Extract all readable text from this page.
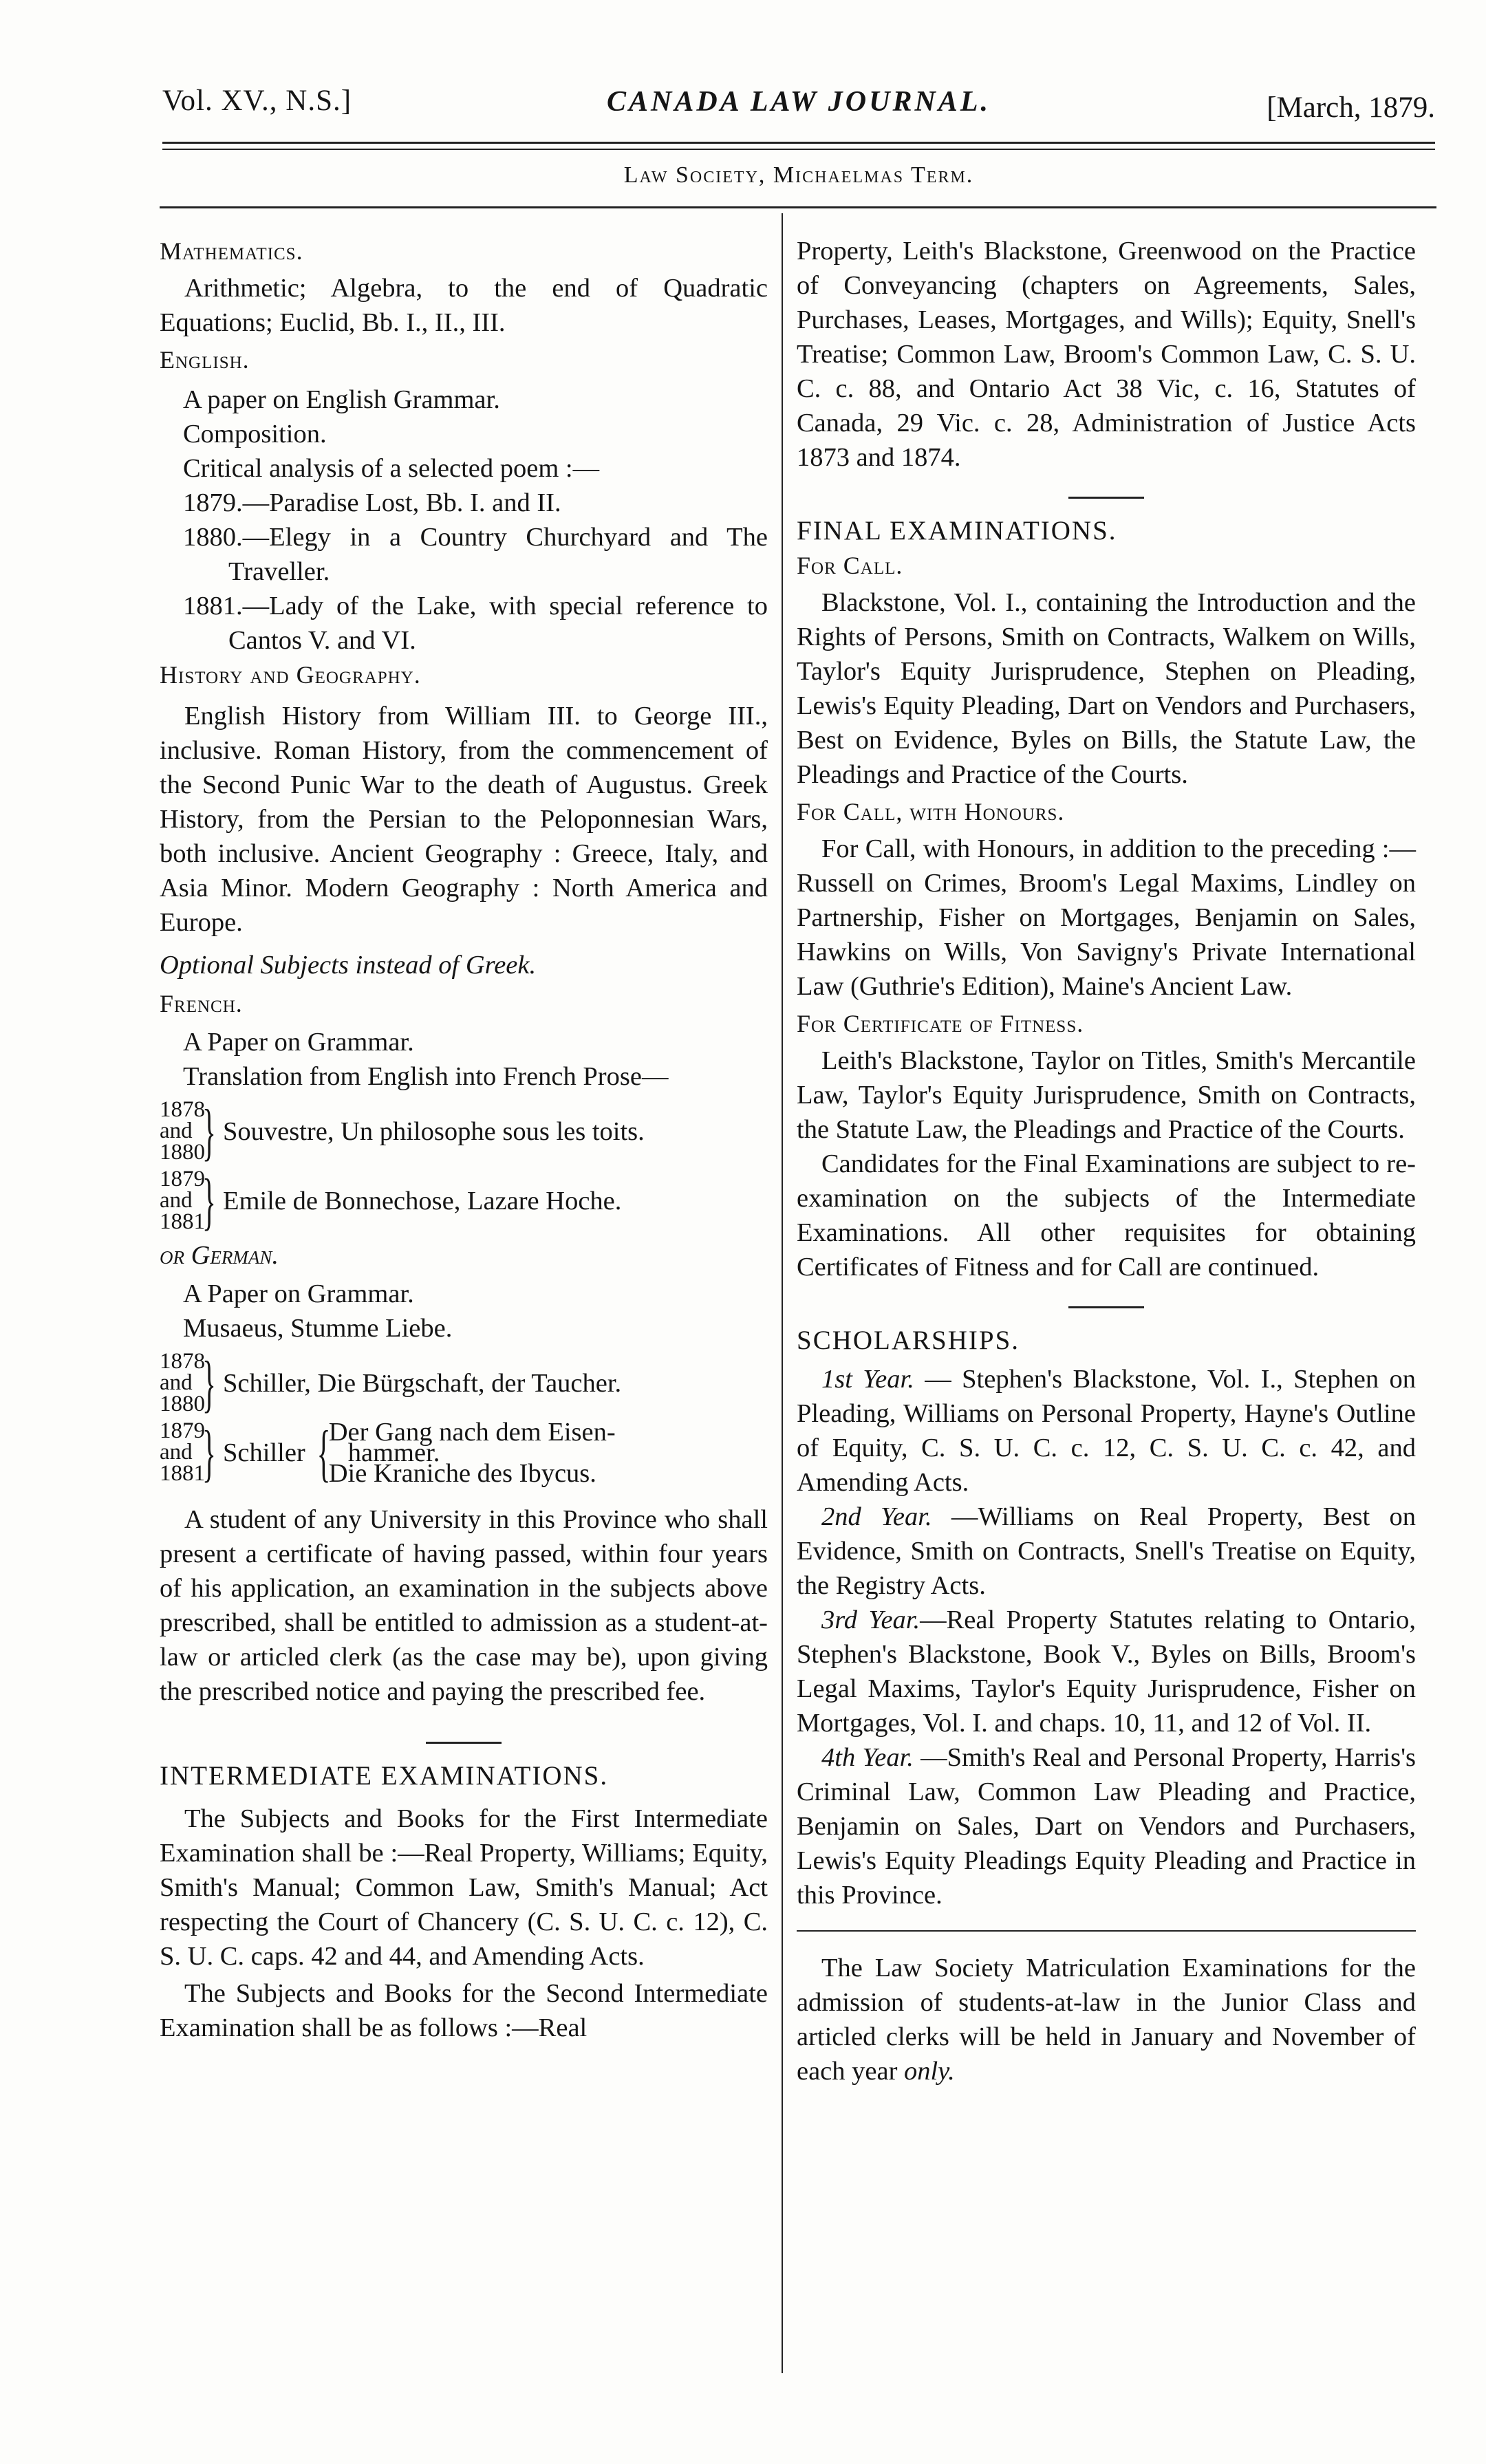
Vol. XV., N.S.]	CANADA LAW JOURNAL.	[March, 1879.
Law Society, Michaelmas Term.

Mathematics.

Arithmetic; Algebra, to the end of Quadratic Equations; Euclid, Bb. I., II., III.

English.

A paper on English Grammar.

Composition.

Critical analysis of a selected poem :—

1879.—Paradise Lost, Bb. I. and II.

1880.—Elegy in a Country Churchyard and The Traveller.

1881.—Lady of the Lake, with special reference to Cantos V. and VI.

History and Geography.

English History from William III. to George III., inclusive. Roman History, from the commencement of the Second Punic War to the death of Augustus. Greek History, from the Persian to the Peloponnesian Wars, both inclusive. Ancient Geography : Greece, Italy, and Asia Minor. Modern Geography : North America and Europe.

Optional Subjects instead of Greek.

French.

A Paper on Grammar.

Translation from English into French Prose—

1878
and
1880
} Souvestre, Un philosophe sous les toits.
1879
and
1881
} Emile de Bonnechose, Lazare Hoche.

or German.

A Paper on Grammar.

Musaeus, Stumme Liebe.

1878
and
1880
} Schiller, Die Bürgschaft, der Taucher.
1879
and
1881
} Schiller {
Der Gang nach dem Eisen-
hammer.
Die Kraniche des Ibycus.

A student of any University in this Province who shall present a certificate of having passed, within four years of his application, an examination in the subjects above prescribed, shall be entitled to admission as a student-at-law or articled clerk (as the case may be), upon giving the prescribed notice and paying the prescribed fee.

INTERMEDIATE EXAMINATIONS.

The Subjects and Books for the First Intermediate Examination shall be :—Real Property, Williams; Equity, Smith's Manual; Common Law, Smith's Manual; Act respecting the Court of Chancery (C. S. U. C. c. 12), C. S. U. C. caps. 42 and 44, and Amending Acts.

The Subjects and Books for the Second Intermediate Examination shall be as follows :—Real

Property, Leith's Blackstone, Greenwood on the Practice of Conveyancing (chapters on Agreements, Sales, Purchases, Leases, Mortgages, and Wills); Equity, Snell's Treatise; Common Law, Broom's Common Law, C. S. U. C. c. 88, and Ontario Act 38 Vic, c. 16, Statutes of Canada, 29 Vic. c. 28, Administration of Justice Acts 1873 and 1874.

FINAL EXAMINATIONS.

For Call.

Blackstone, Vol. I., containing the Introduction and the Rights of Persons, Smith on Contracts, Walkem on Wills, Taylor's Equity Jurisprudence, Stephen on Pleading, Lewis's Equity Pleading, Dart on Vendors and Purchasers, Best on Evidence, Byles on Bills, the Statute Law, the Pleadings and Practice of the Courts.

For Call, with Honours.

For Call, with Honours, in addition to the preceding :—Russell on Crimes, Broom's Legal Maxims, Lindley on Partnership, Fisher on Mortgages, Benjamin on Sales, Hawkins on Wills, Von Savigny's Private International Law (Guthrie's Edition), Maine's Ancient Law.

For Certificate of Fitness.

Leith's Blackstone, Taylor on Titles, Smith's Mercantile Law, Taylor's Equity Jurisprudence, Smith on Contracts, the Statute Law, the Pleadings and Practice of the Courts.

Candidates for the Final Examinations are subject to re-examination on the subjects of the Intermediate Examinations. All other requisites for obtaining Certificates of Fitness and for Call are continued.

SCHOLARSHIPS.

1st Year. — Stephen's Blackstone, Vol. I., Stephen on Pleading, Williams on Personal Property, Hayne's Outline of Equity, C. S. U. C. c. 12, C. S. U. C. c. 42, and Amending Acts.

2nd Year. —Williams on Real Property, Best on Evidence, Smith on Contracts, Snell's Treatise on Equity, the Registry Acts.

3rd Year.—Real Property Statutes relating to Ontario, Stephen's Blackstone, Book V., Byles on Bills, Broom's Legal Maxims, Taylor's Equity Jurisprudence, Fisher on Mortgages, Vol. I. and chaps. 10, 11, and 12 of Vol. II.

4th Year. —Smith's Real and Personal Property, Harris's Criminal Law, Common Law Pleading and Practice, Benjamin on Sales, Dart on Vendors and Purchasers, Lewis's Equity Pleadings Equity Pleading and Practice in this Province.

The Law Society Matriculation Examinations for the admission of students-at-law in the Junior Class and articled clerks will be held in January and November of each year only.
